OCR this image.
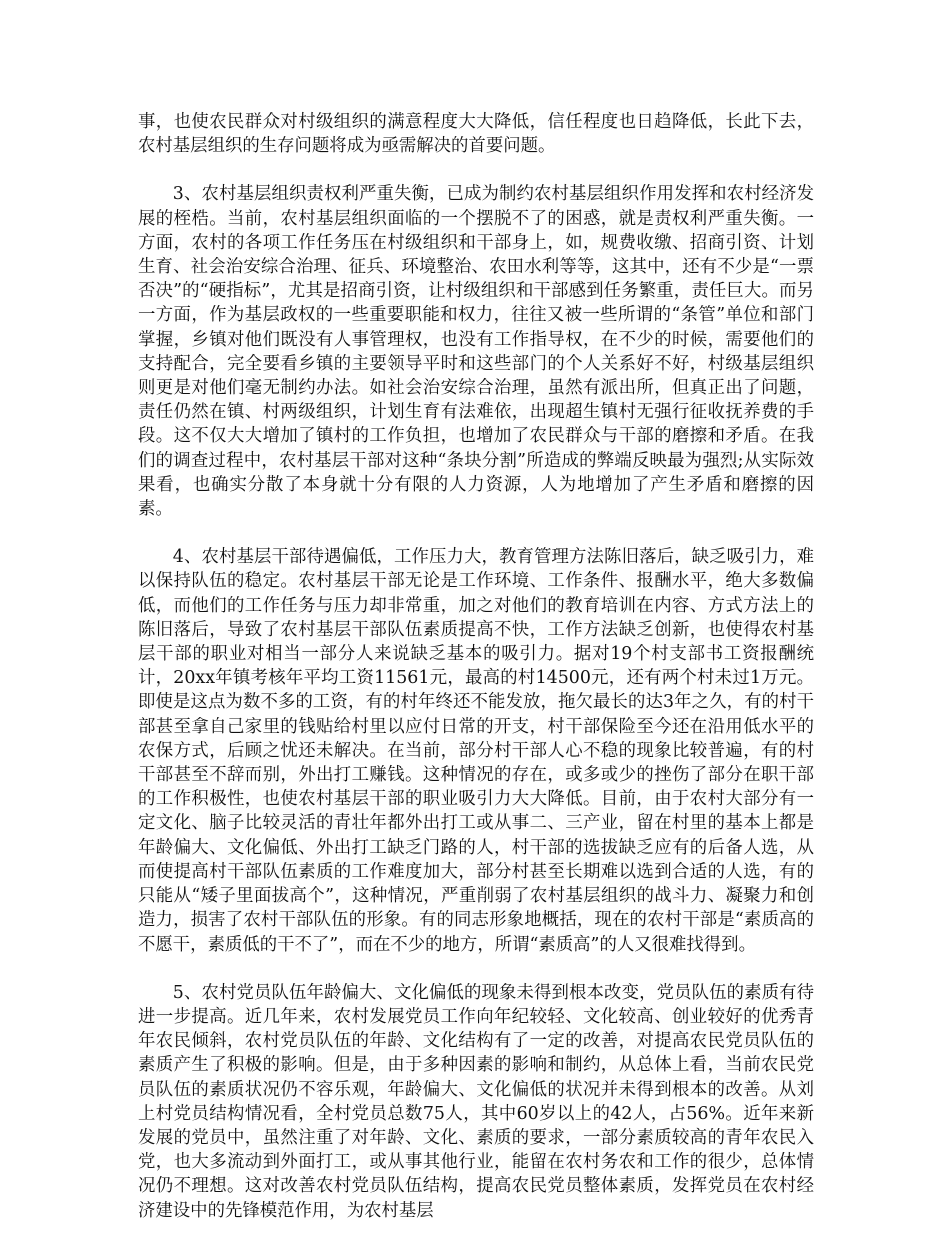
事，也使农民群众对村级组织的满意程度大大降低，信任程度也日趋降低，长此下去，农村基层组织的生存问题将成为亟需解决的首要问题。

3、农村基层组织责权利严重失衡，已成为制约农村基层组织作用发挥和农村经济发展的桎梏。当前，农村基层组织面临的一个摆脱不了的困惑，就是责权利严重失衡。一方面，农村的各项工作任务压在村级组织和干部身上，如，规费收缴、招商引资、计划生育、社会治安综合治理、征兵、环境整治、农田水利等等，这其中，还有不少是“一票否决”的“硬指标”，尤其是招商引资，让村级组织和干部感到任务繁重，责任巨大。而另一方面，作为基层政权的一些重要职能和权力，往往又被一些所谓的“条管”单位和部门掌握，乡镇对他们既没有人事管理权，也没有工作指导权，在不少的时候，需要他们的支持配合，完全要看乡镇的主要领导平时和这些部门的个人关系好不好，村级基层组织则更是对他们毫无制约办法。如社会治安综合治理，虽然有派出所，但真正出了问题，责任仍然在镇、村两级组织，计划生育有法难依，出现超生镇村无强行征收抚养费的手段。这不仅大大增加了镇村的工作负担，也增加了农民群众与干部的磨擦和矛盾。在我们的调查过程中，农村基层干部对这种“条块分割”所造成的弊端反映最为强烈;从实际效果看，也确实分散了本身就十分有限的人力资源，人为地增加了产生矛盾和磨擦的因素。

4、农村基层干部待遇偏低，工作压力大，教育管理方法陈旧落后，缺乏吸引力，难以保持队伍的稳定。农村基层干部无论是工作环境、工作条件、报酬水平，绝大多数偏低，而他们的工作任务与压力却非常重，加之对他们的教育培训在内容、方式方法上的陈旧落后，导致了农村基层干部队伍素质提高不快，工作方法缺乏创新，也使得农村基层干部的职业对相当一部分人来说缺乏基本的吸引力。据对19个村支部书工资报酬统计，20xx年镇考核年平均工资11561元，最高的村14500元，还有两个村未过1万元。即使是这点为数不多的工资，有的村年终还不能发放，拖欠最长的达3年之久，有的村干部甚至拿自己家里的钱贴给村里以应付日常的开支，村干部保险至今还在沿用低水平的农保方式，后顾之忧还未解决。在当前，部分村干部人心不稳的现象比较普遍，有的村干部甚至不辞而别，外出打工赚钱。这种情况的存在，或多或少的挫伤了部分在职干部的工作积极性，也使农村基层干部的职业吸引力大大降低。目前，由于农村大部分有一定文化、脑子比较灵活的青壮年都外出打工或从事二、三产业，留在村里的基本上都是年龄偏大、文化偏低、外出打工缺乏门路的人，村干部的选拔缺乏应有的后备人选，从而使提高村干部队伍素质的工作难度加大，部分村甚至长期难以选到合适的人选，有的只能从“矮子里面拔高个”，这种情况，严重削弱了农村基层组织的战斗力、凝聚力和创造力，损害了农村干部队伍的形象。有的同志形象地概括，现在的农村干部是“素质高的不愿干，素质低的干不了”，而在不少的地方，所谓“素质高”的人又很难找得到。

5、农村党员队伍年龄偏大、文化偏低的现象未得到根本改变，党员队伍的素质有待进一步提高。近几年来，农村发展党员工作向年纪较轻、文化较高、创业较好的优秀青年农民倾斜，农村党员队伍的年龄、文化结构有了一定的改善，对提高农民党员队伍的素质产生了积极的影响。但是，由于多种因素的影响和制约，从总体上看，当前农民党员队伍的素质状况仍不容乐观，年龄偏大、文化偏低的状况并未得到根本的改善。从刘上村党员结构情况看，全村党员总数75人，其中60岁以上的42人，占56%。近年来新发展的党员中，虽然注重了对年龄、文化、素质的要求，一部分素质较高的青年农民入党，也大多流动到外面打工，或从事其他行业，能留在农村务农和工作的很少，总体情况仍不理想。这对改善农村党员队伍结构，提高农民党员整体素质，发挥党员在农村经济建设中的先锋模范作用，为农村基层
